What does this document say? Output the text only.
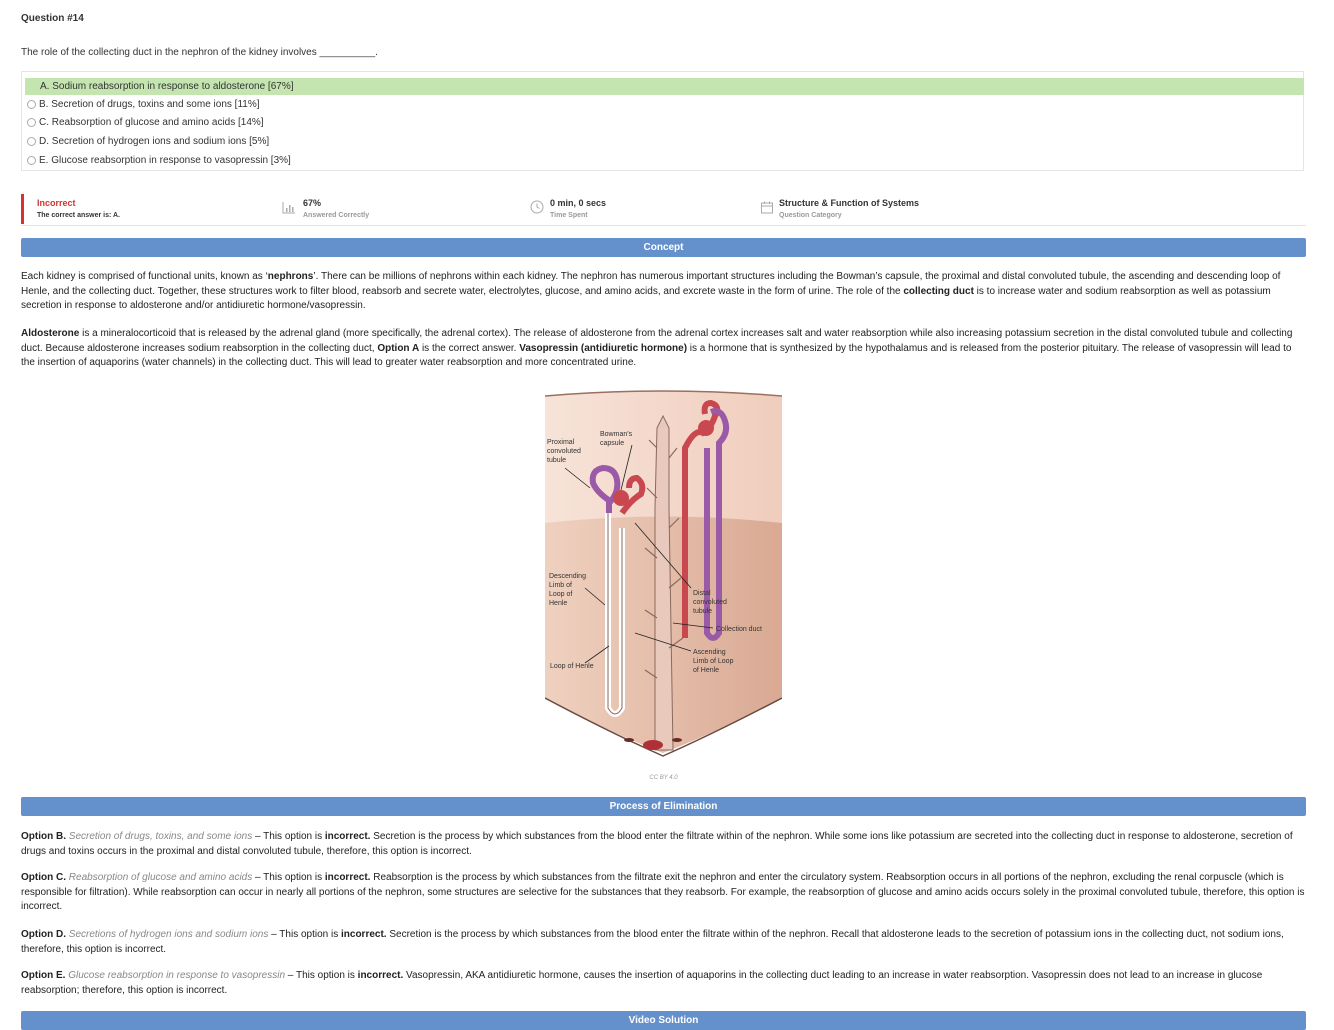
Question #14
The role of the collecting duct in the nephron of the kidney involves __________.
A. Sodium reabsorption in response to aldosterone [67%]
B. Secretion of drugs, toxins and some ions [11%]
C. Reabsorption of glucose and amino acids [14%]
D. Secretion of hydrogen ions and sodium ions [5%]
E. Glucose reabsorption in response to vasopressin [3%]
Incorrect
The correct answer is: A.
67%
Answered Correctly
0 min, 0 secs
Time Spent
Structure & Function of Systems
Question Category
Concept
Each kidney is comprised of functional units, known as ‘nephrons’. There can be millions of nephrons within each kidney. The nephron has numerous important structures including the Bowman’s capsule, the proximal and distal convoluted tubule, the ascending and descending loop of Henle, and the collecting duct. Together, these structures work to filter blood, reabsorb and secrete water, electrolytes, glucose, and amino acids, and excrete waste in the form of urine. The role of the collecting duct is to increase water and sodium reabsorption as well as potassium secretion in response to aldosterone and/or antidiuretic hormone/vasopressin.
Aldosterone is a mineralocorticoid that is released by the adrenal gland (more specifically, the adrenal cortex). The release of aldosterone from the adrenal cortex increases salt and water reabsorption while also increasing potassium secretion in the distal convoluted tubule and collecting duct. Because aldosterone increases sodium reabsorption in the collecting duct, Option A is the correct answer. Vasopressin (antidiuretic hormone) is a hormone that is synthesized by the hypothalamus and is released from the posterior pituitary. The release of vasopressin will lead to the insertion of aquaporins (water channels) in the collecting duct. This will lead to greater water reabsorption and more concentrated urine.
Proximal convoluted tubule
Bowman's capsule
Descending Limb of Loop of Henle
Distal convoluted tubule
Collection duct
Ascending Limb of Loop of Henle
Loop of Henle
CC BY 4.0
Process of Elimination
Option B. Secretion of drugs, toxins, and some ions – This option is incorrect. Secretion is the process by which substances from the blood enter the filtrate within of the nephron. While some ions like potassium are secreted into the collecting duct in response to aldosterone, secretion of drugs and toxins occurs in the proximal and distal convoluted tubule, therefore, this option is incorrect.
Option C. Reabsorption of glucose and amino acids – This option is incorrect. Reabsorption is the process by which substances from the filtrate exit the nephron and enter the circulatory system. Reabsorption occurs in all portions of the nephron, excluding the renal corpuscle (which is responsible for filtration). While reabsorption can occur in nearly all portions of the nephron, some structures are selective for the substances that they reabsorb. For example, the reabsorption of glucose and amino acids occurs solely in the proximal convoluted tubule, therefore, this option is incorrect.
Option D. Secretions of hydrogen ions and sodium ions – This option is incorrect. Secretion is the process by which substances from the blood enter the filtrate within of the nephron. Recall that aldosterone leads to the secretion of potassium ions in the collecting duct, not sodium ions, therefore, this option is incorrect.
Option E. Glucose reabsorption in response to vasopressin – This option is incorrect. Vasopressin, AKA antidiuretic hormone, causes the insertion of aquaporins in the collecting duct leading to an increase in water reabsorption. Vasopressin does not lead to an increase in glucose reabsorption; therefore, this option is incorrect.
Video Solution
